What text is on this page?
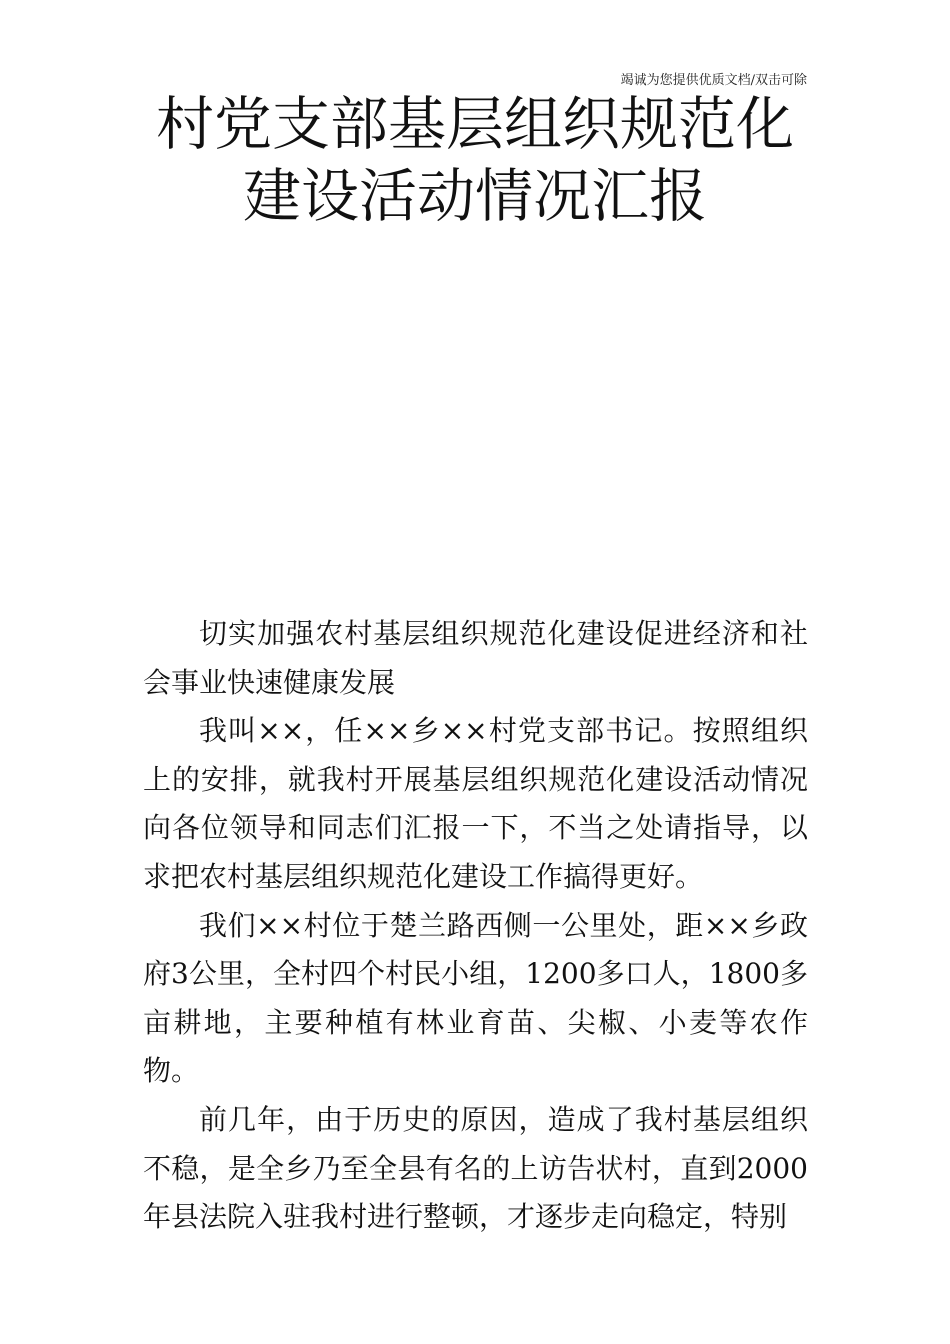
竭诚为您提供优质文档/双击可除
村党支部基层组织规范化
建设活动情况汇报

切实加强农村基层组织规范化建设促进经济和社会事业快速健康发展

我叫××，任××乡××村党支部书记。按照组织上的安排，就我村开展基层组织规范化建设活动情况向各位领导和同志们汇报一下，不当之处请指导，以求把农村基层组织规范化建设工作搞得更好。

我们××村位于楚兰路西侧一公里处，距××乡政府3公里，全村四个村民小组，1200多口人，1800多亩耕地，主要种植有林业育苗、尖椒、小麦等农作物。

前几年，由于历史的原因，造成了我村基层组织不稳，是全乡乃至全县有名的上访告状村，直到2000年县法院入驻我村进行整顿，才逐步走向稳定，特别
